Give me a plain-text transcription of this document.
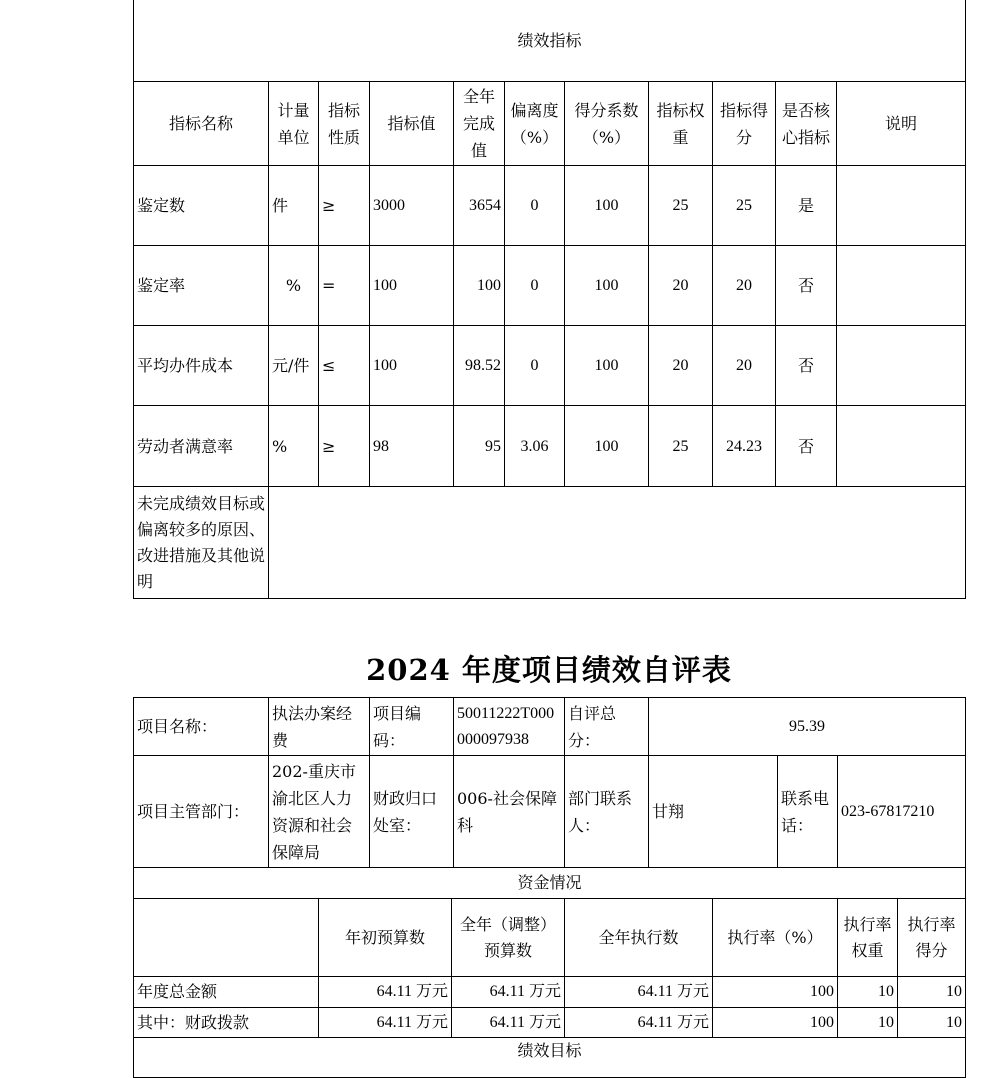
绩效指标										
指标名称	计量单位	指标性质	指标值	全年完成值	偏离度（%）	得分系数（%）	指标权重	指标得分	是否核心指标	说明
鉴定数	件	≥	3000	3654	0	100	25	25	是	
鉴定率	%	=	100	100	0	100	20	20	否	
平均办件成本	元/件	≤	100	98.52	0	100	20	20	否	
劳动者满意率	%	≥	98	95	3.06	100	25	24.23	否	
未完成绩效目标或偏离较多的原因、改进措施及其他说明										
2024 年度项目绩效自评表
项目名称：	执法办案经费	项目编码：	50011222T000000097938	自评总分：	95.39		
项目主管部门：	202-重庆市渝北区人力资源和社会保障局	财政归口处室：	006-社会保障科	部门联系人：	甘翔	联系电话：	023-67817210
资金情况						
	年初预算数	全年（调整）预算数	全年执行数	执行率（%）	执行率权重	执行率得分
年度总金额	64.11 万元	64.11 万元	64.11 万元	100	10	10
其中：财政拨款	64.11 万元	64.11 万元	64.11 万元	100	10	10
绩效目标						
